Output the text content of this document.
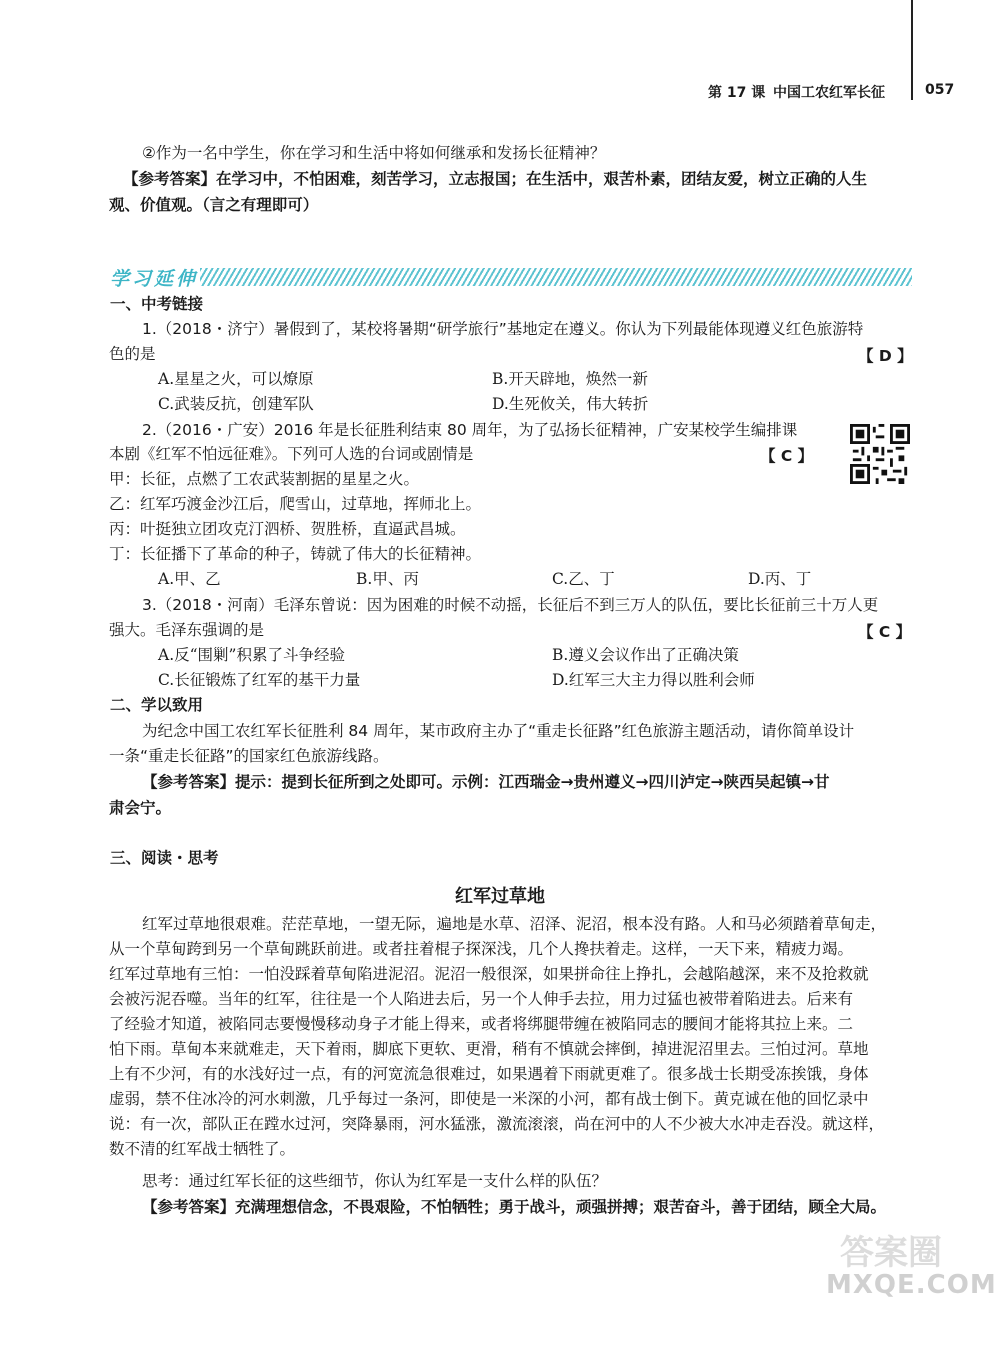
第 17 课 中国工农红军长征	057
②作为一名中学生，你在学习和生活中将如何继承和发扬长征精神？
【参考答案】在学习中，不怕困难，刻苦学习，立志报国；在生活中，艰苦朴素，团结友爱，树立正确的人生
观、价值观。（言之有理即可）
学习延伸
一、中考链接
1.（2018・济宁）暑假到了，某校将暑期“研学旅行”基地定在遵义。你认为下列最能体现遵义红色旅游特
色的是	【 D 】
A.星星之火，可以燎原	B.开天辟地，焕然一新
C.武装反抗，创建军队	D.生死攸关，伟大转折
2.（2016・广安）2016 年是长征胜利结束 80 周年，为了弘扬长征精神，广安某校学生编排课
本剧《红军不怕远征难》。下列可人选的台词或剧情是	【 C 】
甲：长征，点燃了工农武装割据的星星之火。
乙：红军巧渡金沙江后，爬雪山，过草地，挥师北上。
丙：叶挺独立团攻克汀泗桥、贺胜桥，直逼武昌城。
丁：长征播下了革命的种子，铸就了伟大的长征精神。
A.甲、乙	B.甲、丙	C.乙、丁	D.丙、丁
3.（2018・河南）毛泽东曾说：因为困难的时候不动摇，长征后不到三万人的队伍，要比长征前三十万人更
强大。毛泽东强调的是	【 C 】
A.反“围剿”积累了斗争经验	B.遵义会议作出了正确决策
C.长征锻炼了红军的基干力量	D.红军三大主力得以胜利会师
二、学以致用
为纪念中国工农红军长征胜利 84 周年，某市政府主办了“重走长征路”红色旅游主题活动，请你简单设计
一条“重走长征路”的国家红色旅游线路。
【参考答案】提示：提到长征所到之处即可。示例：江西瑞金→贵州遵义→四川泸定→陕西吴起镇→甘
肃会宁。
三、阅读・思考
红军过草地
红军过草地很艰难。茫茫草地，一望无际，遍地是水草、沼泽、泥沼，根本没有路。人和马必须踏着草甸走，
从一个草甸跨到另一个草甸跳跃前进。或者拄着棍子探深浅，几个人搀扶着走。这样，一天下来，精疲力竭。
红军过草地有三怕：一怕没踩着草甸陷进泥沼。泥沼一般很深，如果拼命往上挣扎，会越陷越深，来不及抢救就
会被污泥吞噬。当年的红军，往往是一个人陷进去后，另一个人伸手去拉，用力过猛也被带着陷进去。后来有
了经验才知道，被陷同志要慢慢移动身子才能上得来，或者将绑腿带缠在被陷同志的腰间才能将其拉上来。二
怕下雨。草甸本来就难走，天下着雨，脚底下更软、更滑，稍有不慎就会摔倒，掉进泥沼里去。三怕过河。草地
上有不少河，有的水浅好过一点，有的河宽流急很难过，如果遇着下雨就更难了。很多战士长期受冻挨饿，身体
虚弱，禁不住冰冷的河水刺激，几乎每过一条河，即使是一米深的小河，都有战士倒下。黄克诚在他的回忆录中
说：有一次，部队正在蹚水过河，突降暴雨，河水猛涨，激流滚滚，尚在河中的人不少被大水冲走吞没。就这样，
数不清的红军战士牺牲了。
思考：通过红军长征的这些细节，你认为红军是一支什么样的队伍？
【参考答案】充满理想信念，不畏艰险，不怕牺牲；勇于战斗，顽强拼搏；艰苦奋斗，善于团结，顾全大局。
答案圈
MXQE.COM
